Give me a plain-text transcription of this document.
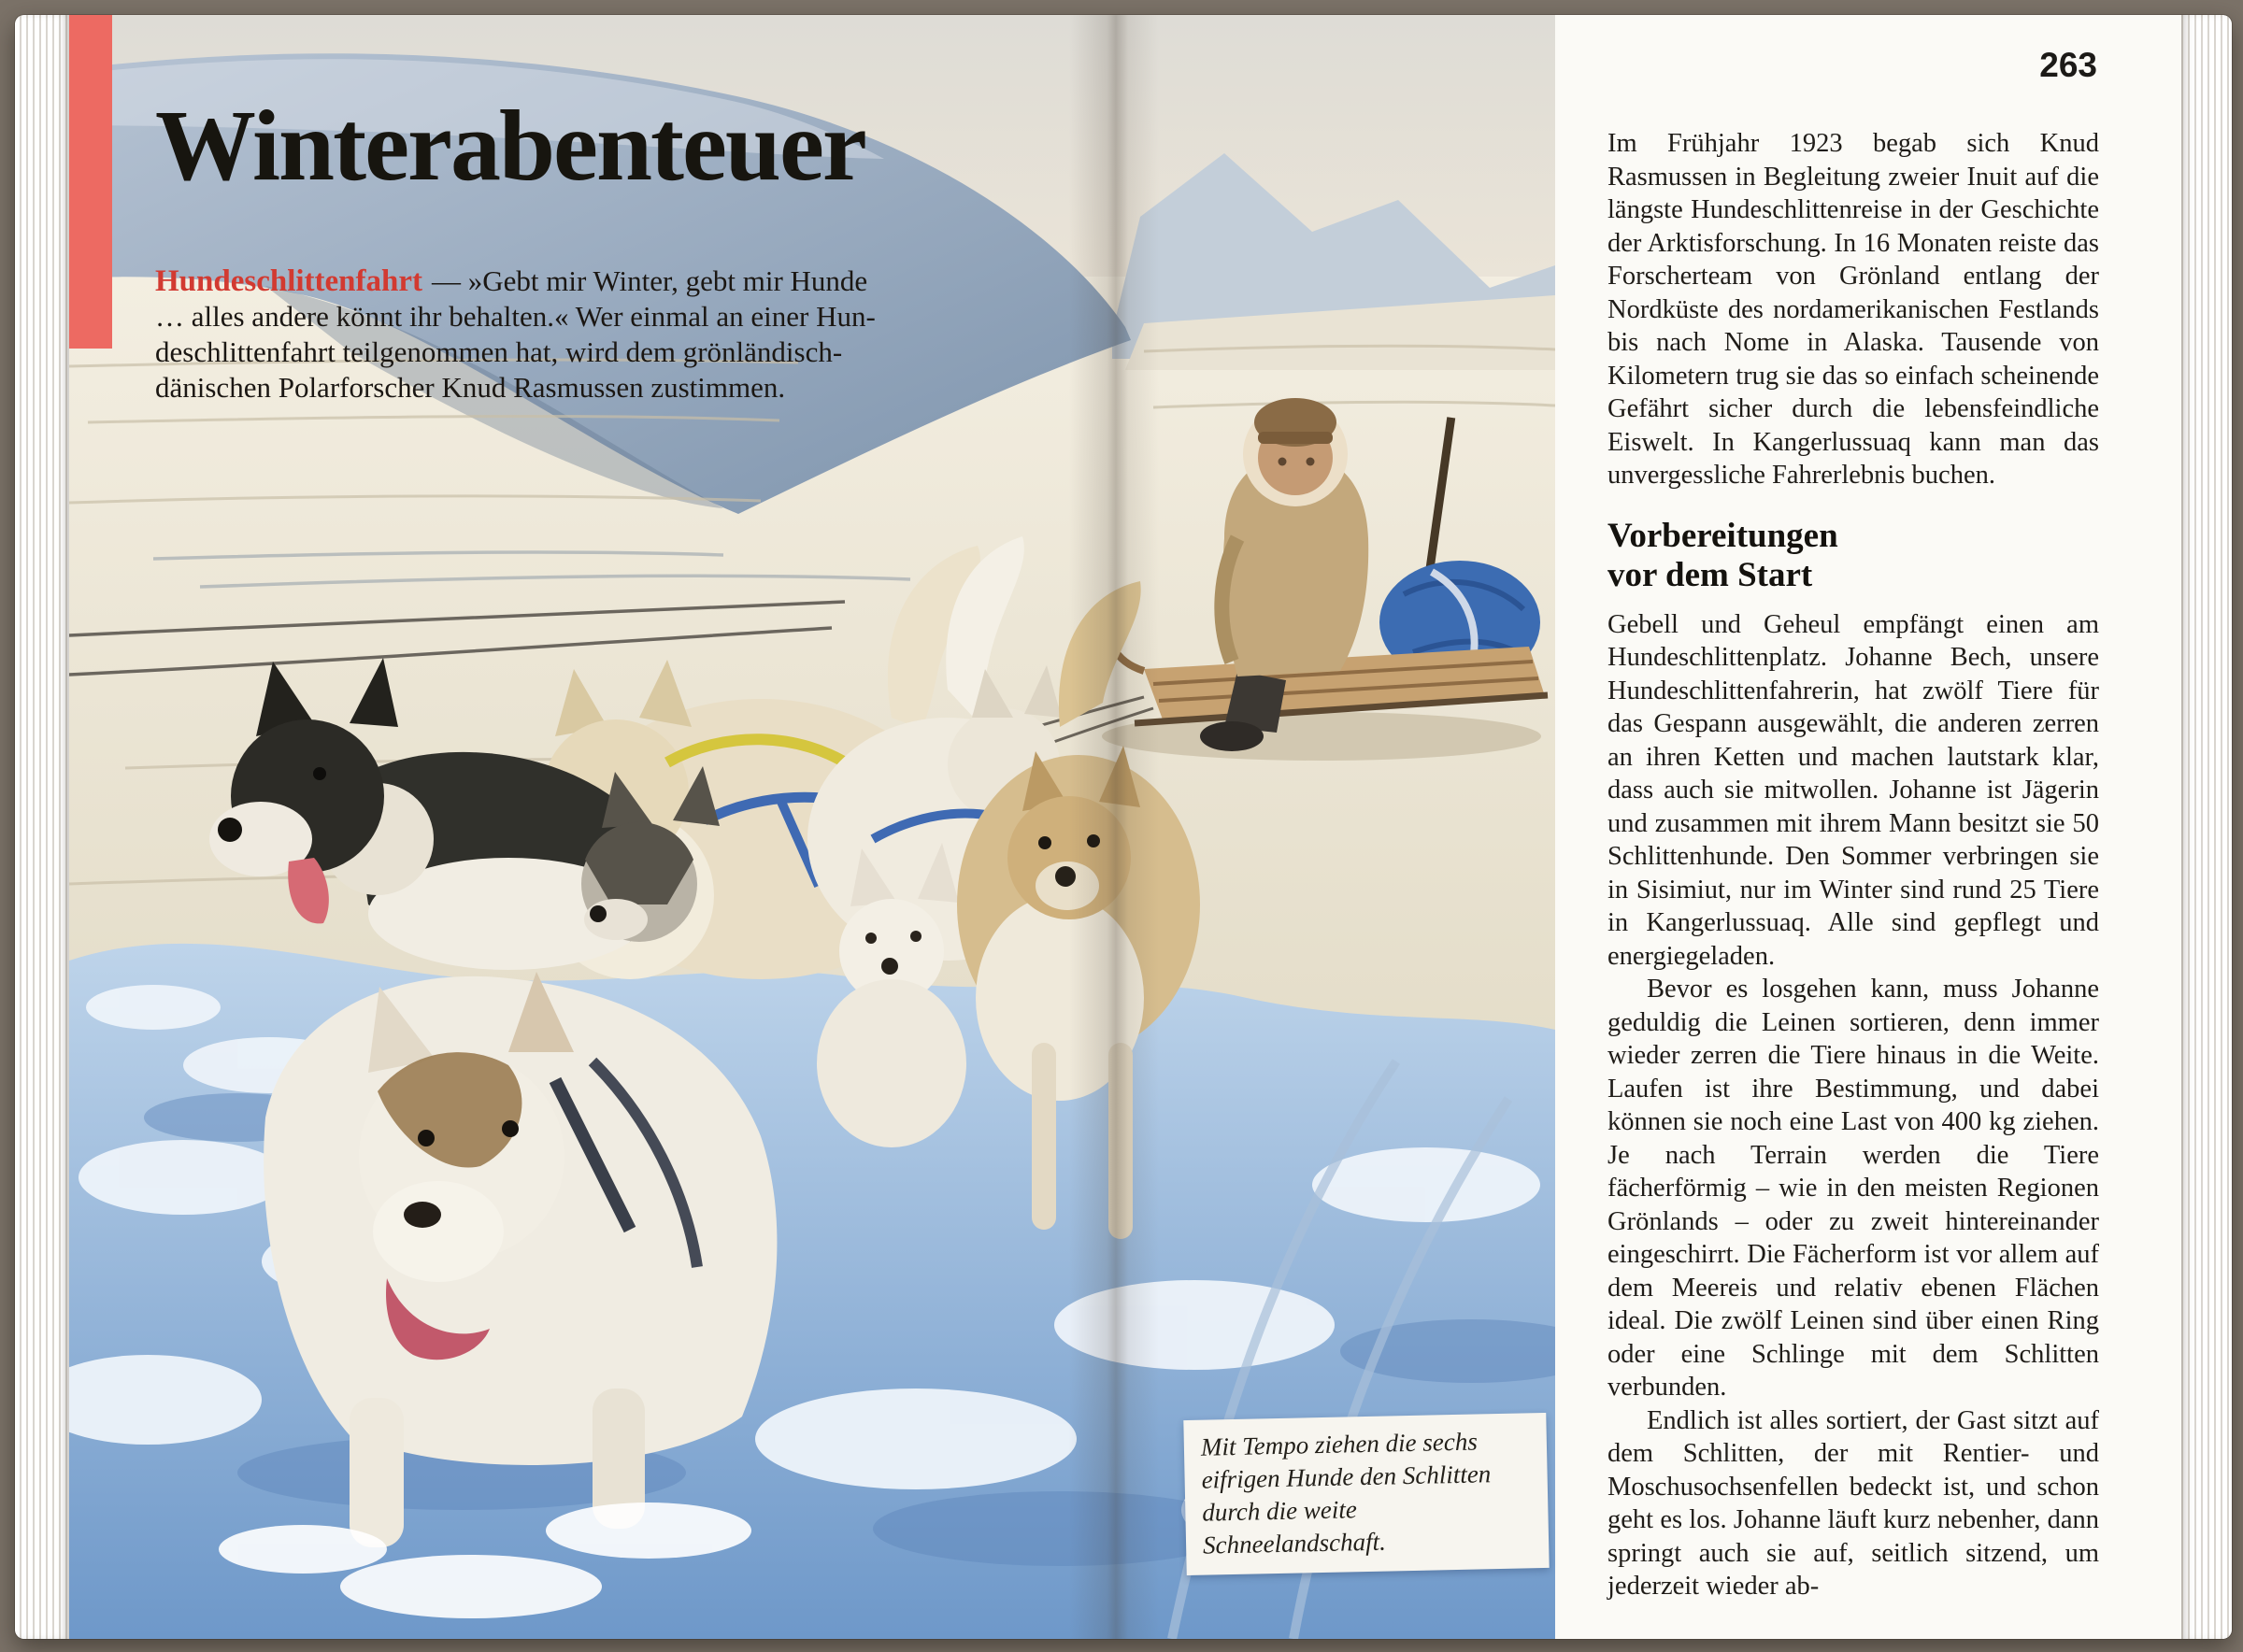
Winterabenteuer
Hundeschlittenfahrt — »Gebt mir Winter, gebt mir Hunde
… alles andere könnt ihr behalten.« Wer einmal an einer Hun-
deschlittenfahrt teilgenommen hat, wird dem grönländisch-
dänischen Polarforscher Knud Rasmussen zustimmen.
Mit Tempo ziehen die sechs
eifrigen Hunde den Schlitten
durch die weite Schneelandschaft.
263

Im Frühjahr 1923 begab sich Knud Rasmussen in Begleitung zweier Inuit auf die längste Hundeschlittenreise in der Geschichte der Arktisforschung. In 16 Monaten reiste das Forscherteam von Grönland entlang der Nordküste des nordamerikanischen Festlands bis nach Nome in Alaska. Tausende von Kilometern trug sie das so einfach scheinende Gefährt sicher durch die lebensfeindliche Eiswelt. In Kangerlussuaq kann man das unvergessliche Fahrerlebnis buchen.

Vorbereitungen
vor dem Start

Gebell und Geheul empfängt einen am Hundeschlittenplatz. Johanne Bech, unsere Hundeschlittenfahrerin, hat zwölf Tiere für das Gespann ausgewählt, die anderen zerren an ihren Ketten und machen lautstark klar, dass auch sie mitwollen. Johanne ist Jägerin und zusammen mit ihrem Mann besitzt sie 50 Schlittenhunde. Den Sommer verbringen sie in Sisimiut, nur im Winter sind rund 25 Tiere in Kangerlussuaq. Alle sind gepflegt und energiegeladen.

Bevor es losgehen kann, muss Johanne geduldig die Leinen sortieren, denn immer wieder zerren die Tiere hinaus in die Weite. Laufen ist ihre Bestimmung, und dabei können sie noch eine Last von 400 kg ziehen. Je nach Terrain werden die Tiere fächerförmig – wie in den meisten Regionen Grönlands – oder zu zweit hintereinander eingeschirrt. Die Fächerform ist vor allem auf dem Meereis und relativ ebenen Flächen ideal. Die zwölf Leinen sind über einen Ring oder eine Schlinge mit dem Schlitten verbunden.

Endlich ist alles sortiert, der Gast sitzt auf dem Schlitten, der mit Rentier- und Moschusochsenfellen bedeckt ist, und schon geht es los. Johanne läuft kurz nebenher, dann springt auch sie auf, seitlich sitzend, um jederzeit wieder ab-
